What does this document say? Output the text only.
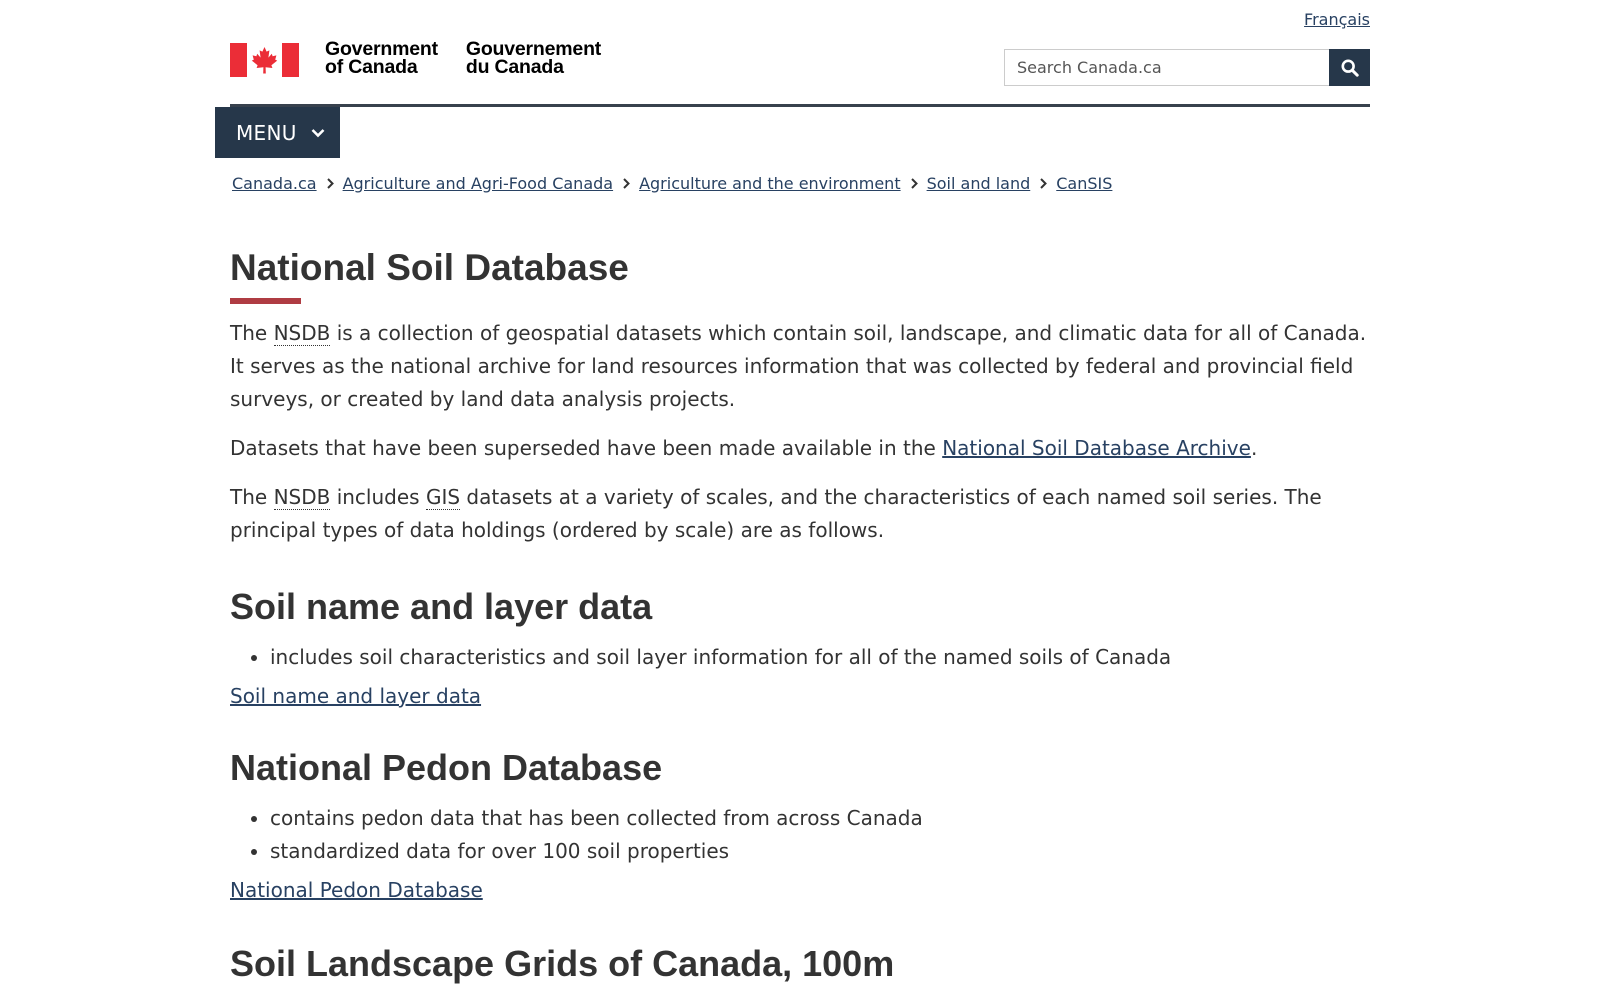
Français
Government
of Canada
Gouvernement
du Canada
Search Canada.ca
MENU
Canada.ca Agriculture and Agri-Food Canada Agriculture and the environment Soil and land CanSIS
National Soil Database

The NSDB is a collection of geospatial datasets which contain soil, landscape, and climatic data for all of Canada. It serves as the national archive for land resources information that was collected by federal and provincial field surveys, or created by land data analysis projects.

Datasets that have been superseded have been made available in the National Soil Database Archive.

The NSDB includes GIS datasets at a variety of scales, and the characteristics of each named soil series. The principal types of data holdings (ordered by scale) are as follows.

Soil name and layer data
• includes soil characteristics and soil layer information for all of the named soils of Canada
Soil name and layer data
National Pedon Database
• contains pedon data that has been collected from across Canada
• standardized data for over 100 soil properties
National Pedon Database
Soil Landscape Grids of Canada, 100m
